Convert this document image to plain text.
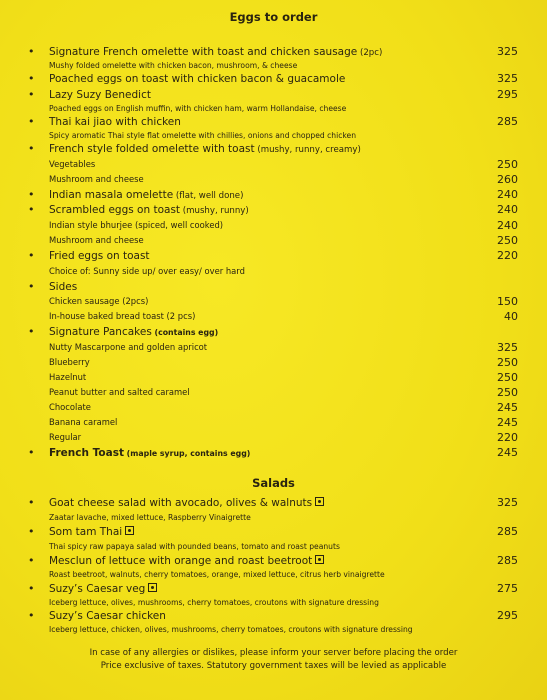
Eggs to order
• Signature French omelette with toast and chicken sausage (2pc)	325
Mushy folded omelette with chicken bacon, mushroom, & cheese
• Poached eggs on toast with chicken bacon & guacamole	325
• Lazy Suzy Benedict	295
Poached eggs on English muffin, with chicken ham, warm Hollandaise, cheese
• Thai kai jiao with chicken	285
Spicy aromatic Thai style flat omelette with chillies, onions and chopped chicken
• French style folded omelette with toast (mushy, runny, creamy)
Vegetables	250
Mushroom and cheese	260
• Indian masala omelette (flat, well done)	240
• Scrambled eggs on toast (mushy, runny)	240
Indian style bhurjee (spiced, well cooked)	240
Mushroom and cheese	250
• Fried eggs on toast	220
Choice of: Sunny side up/ over easy/ over hard
• Sides
Chicken sausage (2pcs)	150
In-house baked bread toast (2 pcs)	40
• Signature Pancakes (contains egg)
Nutty Mascarpone and golden apricot	325
Blueberry	250
Hazelnut	250
Peanut butter and salted caramel	250
Chocolate	245
Banana caramel	245
Regular	220
• French Toast (maple syrup, contains egg)	245
Salads
• Goat cheese salad with avocado, olives & walnuts	325
Zaatar lavache, mixed lettuce, Raspberry Vinaigrette
• Som tam Thai	285
Thai spicy raw papaya salad with pounded beans, tomato and roast peanuts
• Mesclun of lettuce with orange and roast beetroot	285
Roast beetroot, walnuts, cherry tomatoes, orange, mixed lettuce, citrus herb vinaigrette
• Suzy’s Caesar veg	275
Iceberg lettuce, olives, mushrooms, cherry tomatoes, croutons with signature dressing
• Suzy’s Caesar chicken	295
Iceberg lettuce, chicken, olives, mushrooms, cherry tomatoes, croutons with signature dressing
In case of any allergies or dislikes, please inform your server before placing the order
Price exclusive of taxes. Statutory government taxes will be levied as applicable
